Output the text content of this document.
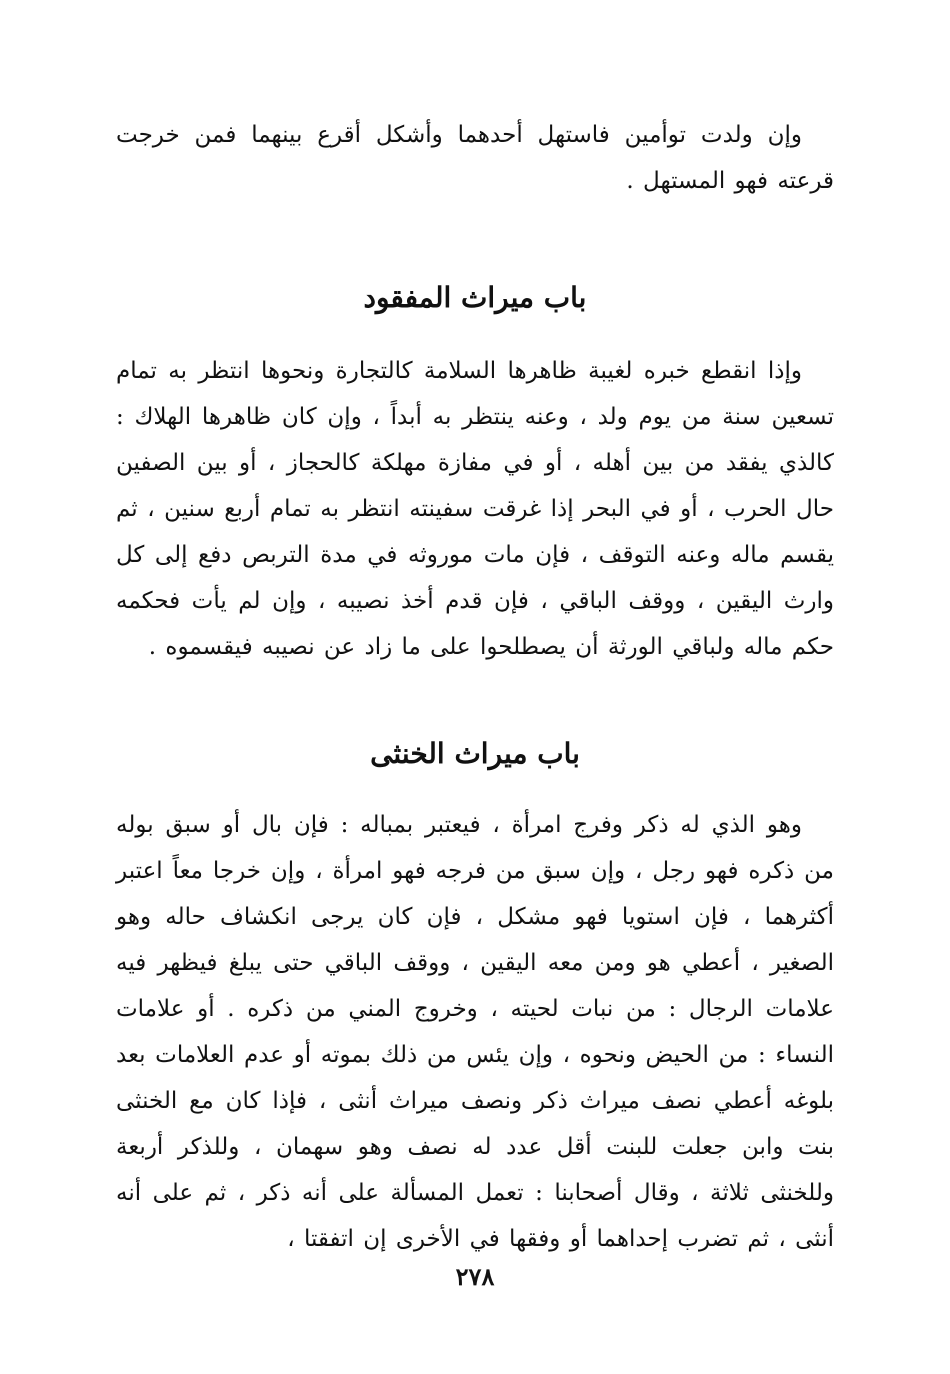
وإن ولدت توأمين فاستهل أحدهما وأشكل أقرع بينهما فمن خرجت قرعته فهو المستهل .

باب ميراث المفقود

وإذا انقطع خبره لغيبة ظاهرها السلامة كالتجارة ونحوها انتظر به تمام تسعين سنة من يوم ولد ، وعنه ينتظر به أبداً ، وإن كان ظاهرها الهلاك : كالذي يفقد من بين أهله ، أو في مفازة مهلكة كالحجاز ، أو بين الصفين حال الحرب ، أو في البحر إذا غرقت سفينته انتظر به تمام أربع سنين ، ثم يقسم ماله وعنه التوقف ، فإن مات موروثه في مدة التربص دفع إلى كل وارث اليقين ، ووقف الباقي ، فإن قدم أخذ نصيبه ، وإن لم يأت فحكمه حكم ماله ولباقي الورثة أن يصطلحوا على ما زاد عن نصيبه فيقسموه .

باب ميراث الخنثى

وهو الذي له ذكر وفرج امرأة ، فيعتبر بمباله : فإن بال أو سبق بوله من ذكره فهو رجل ، وإن سبق من فرجه فهو امرأة ، وإن خرجا معاً اعتبر أكثرهما ، فإن استويا فهو مشكل ، فإن كان يرجى انكشاف حاله وهو الصغير ، أعطي هو ومن معه اليقين ، ووقف الباقي حتى يبلغ فيظهر فيه علامات الرجال : من نبات لحيته ، وخروج المني من ذكره . أو علامات النساء : من الحيض ونحوه ، وإن يئس من ذلك بموته أو عدم العلامات بعد بلوغه أعطي نصف ميراث ذكر ونصف ميراث أنثى ، فإذا كان مع الخنثى بنت وابن جعلت للبنت أقل عدد له نصف وهو سهمان ، وللذكر أربعة وللخنثى ثلاثة ، وقال أصحابنا : تعمل المسألة على أنه ذكر ، ثم على أنه أنثى ، ثم تضرب إحداهما أو وفقها في الأخرى إن اتفقتا ،

٢٧٨
